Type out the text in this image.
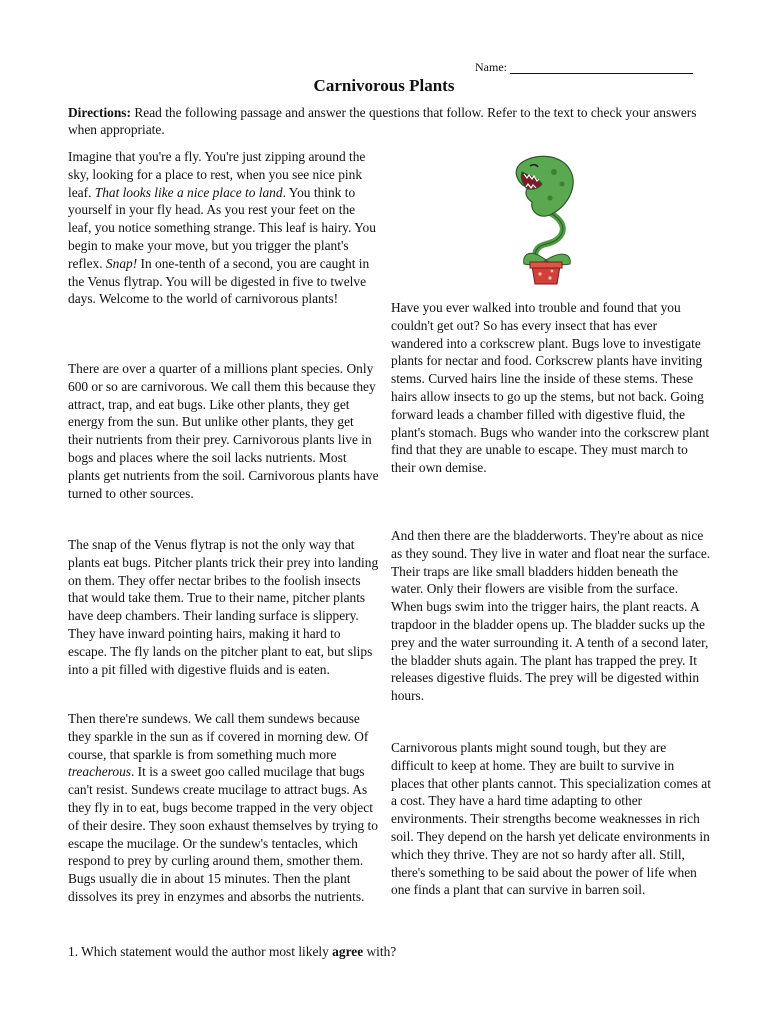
Name:
Carnivorous Plants

Directions: Read the following passage and answer the questions that follow. Refer to the text to check your answers when appropriate.

Imagine that you're a fly. You're just zipping around the sky, looking for a place to rest, when you see nice pink leaf. That looks like a nice place to land. You think to yourself in your fly head. As you rest your feet on the leaf, you notice something strange. This leaf is hairy. You begin to make your move, but you trigger the plant's reflex. Snap! In one-tenth of a second, you are caught in the Venus flytrap. You will be digested in five to twelve days. Welcome to the world of carnivorous plants!

There are over a quarter of a millions plant species. Only 600 or so are carnivorous. We call them this because they attract, trap, and eat bugs. Like other plants, they get energy from the sun. But unlike other plants, they get their nutrients from their prey. Carnivorous plants live in bogs and places where the soil lacks nutrients. Most plants get nutrients from the soil. Carnivorous plants have turned to other sources.

The snap of the Venus flytrap is not the only way that plants eat bugs. Pitcher plants trick their prey into landing on them. They offer nectar bribes to the foolish insects that would take them. True to their name, pitcher plants have deep chambers. Their landing surface is slippery. They have inward pointing hairs, making it hard to escape. The fly lands on the pitcher plant to eat, but slips into a pit filled with digestive fluids and is eaten.

Then there're sundews. We call them sundews because they sparkle in the sun as if covered in morning dew. Of course, that sparkle is from something much more treacherous. It is a sweet goo called mucilage that bugs can't resist. Sundews create mucilage to attract bugs. As they fly in to eat, bugs become trapped in the very object of their desire. They soon exhaust themselves by trying to escape the mucilage. Or the sundew's tentacles, which respond to prey by curling around them, smother them. Bugs usually die in about 15 minutes. Then the plant dissolves its prey in enzymes and absorbs the nutrients.

Have you ever walked into trouble and found that you couldn't get out? So has every insect that has ever wandered into a corkscrew plant. Bugs love to investigate plants for nectar and food. Corkscrew plants have inviting stems. Curved hairs line the inside of these stems. These hairs allow insects to go up the stems, but not back. Going forward leads a chamber filled with digestive fluid, the plant's stomach. Bugs who wander into the corkscrew plant find that they are unable to escape. They must march to their own demise.

And then there are the bladderworts. They're about as nice as they sound. They live in water and float near the surface. Their traps are like small bladders hidden beneath the water. Only their flowers are visible from the surface. When bugs swim into the trigger hairs, the plant reacts. A trapdoor in the bladder opens up. The bladder sucks up the prey and the water surrounding it. A tenth of a second later, the bladder shuts again. The plant has trapped the prey. It releases digestive fluids. The prey will be digested within hours.

Carnivorous plants might sound tough, but they are difficult to keep at home. They are built to survive in places that other plants cannot. This specialization comes at a cost. They have a hard time adapting to other environments. Their strengths become weaknesses in rich soil. They depend on the harsh yet delicate environments in which they thrive. They are not so hardy after all. Still, there's something to be said about the power of life when one finds a plant that can survive in barren soil.

1. Which statement would the author most likely agree with?
